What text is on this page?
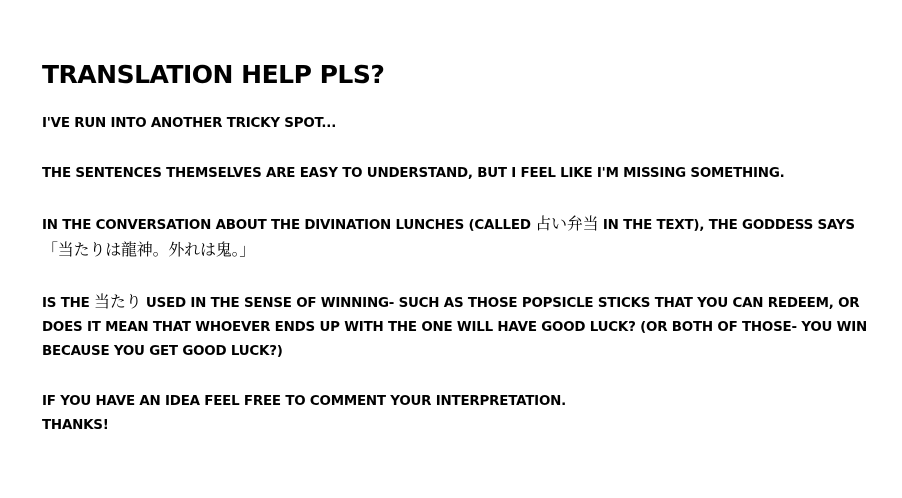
TRANSLATION HELP PLS?

I'VE RUN INTO ANOTHER TRICKY SPOT...

THE SENTENCES THEMSELVES ARE EASY TO UNDERSTAND, BUT I FEEL LIKE I'M MISSING SOMETHING.

IN THE CONVERSATION ABOUT THE DIVINATION LUNCHES (CALLED 占い弁当 IN THE TEXT), THE GODDESS SAYS
「当たりは龍神。外れは鬼。」

IS THE 当たり USED IN THE SENSE OF WINNING- SUCH AS THOSE POPSICLE STICKS THAT YOU CAN REDEEM, OR DOES IT MEAN THAT WHOEVER ENDS UP WITH THE ONE WILL HAVE GOOD LUCK? (OR BOTH OF THOSE- YOU WIN BECAUSE YOU GET GOOD LUCK?)

IF YOU HAVE AN IDEA FEEL FREE TO COMMENT YOUR INTERPRETATION.
THANKS!
